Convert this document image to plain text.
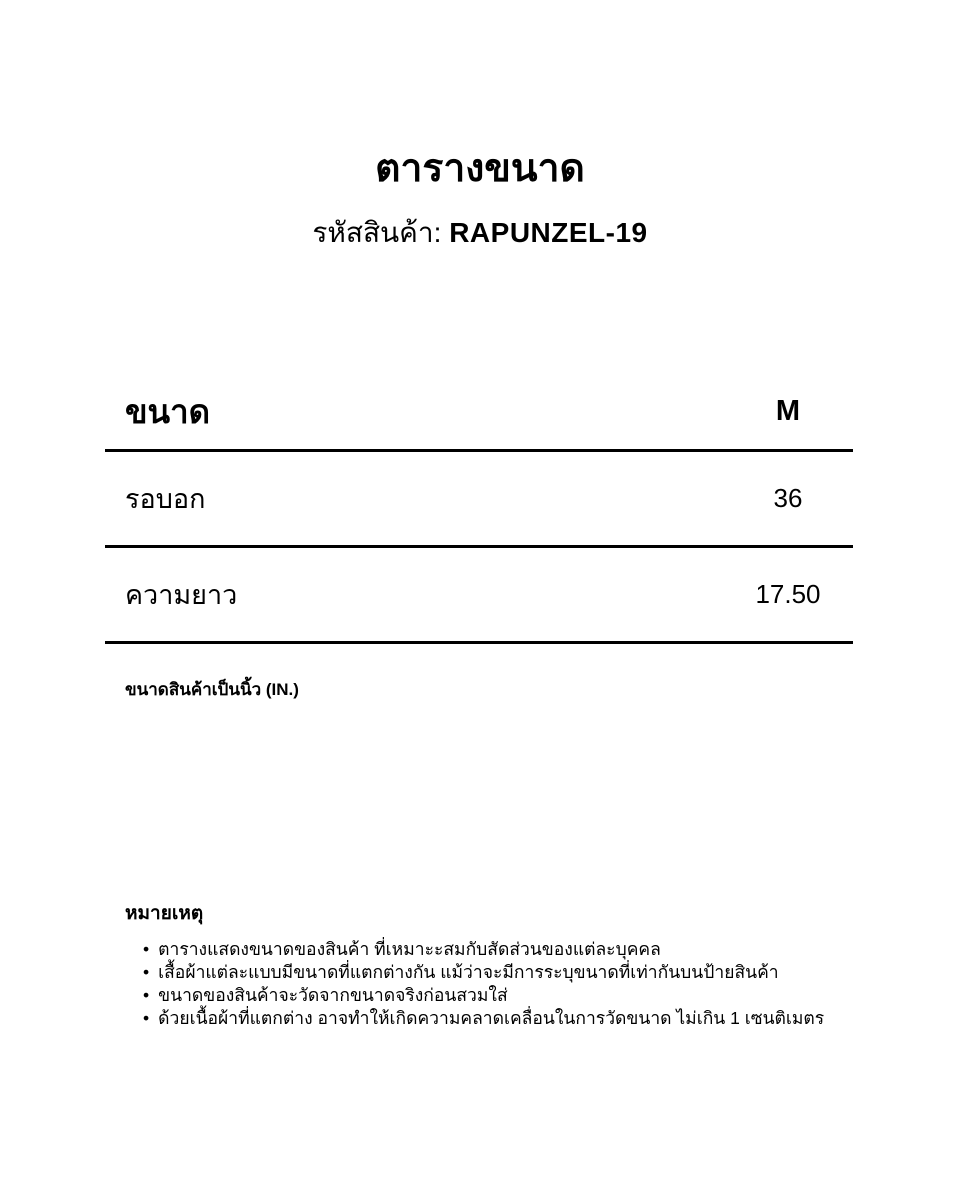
ตารางขนาด
รหัสสินค้า: RAPUNZEL-19
ขนาด	M
รอบอก	36
ความยาว	17.50
ขนาดสินค้าเป็นนิ้ว (IN.)
หมายเหตุ
• ตารางแสดงขนาดของสินค้า ที่เหมาะะสมกับสัดส่วนของแต่ละบุคคล
• เสื้อผ้าแต่ละแบบมีขนาดที่แตกต่างกัน แม้ว่าจะมีการระบุขนาดที่เท่ากันบนป้ายสินค้า
• ขนาดของสินค้าจะวัดจากขนาดจริงก่อนสวมใส่
• ด้วยเนื้อผ้าที่แตกต่าง อาจทำให้เกิดความคลาดเคลื่อนในการวัดขนาด ไม่เกิน 1 เซนติเมตร
